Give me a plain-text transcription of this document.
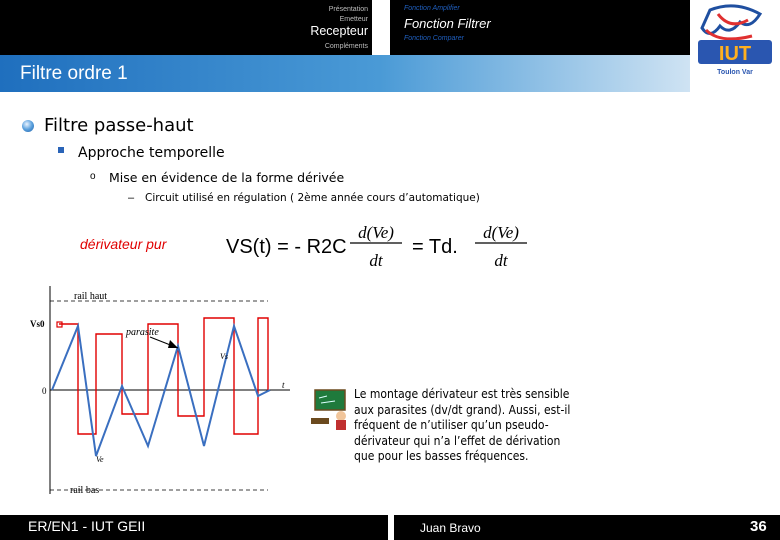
Présentation
Emetteur
Recepteur
Compléments
Fonction Amplifier
Fonction Filtrer
Fonction Comparer
IUT
Toulon Var
Filtre ordre 1
Filtre passe-haut
Approche temporelle
o Mise en évidence de la forme dérivée
– Circuit utilisé en régulation ( 2ème année cours d’automatique)
dérivateur pur	VS(t) = - R2C
d(Ve)
dt
= Td.
d(Ve)
dt
rail haut
rail bas
Vs0
0
t
parasite
Vs
Ve
Le montage dérivateur est très sensible aux parasites (dv/dt grand). Aussi, est-il fréquent de n’utiliser qu’un pseudo-dérivateur qui n’a l’effet de dérivation que pour les basses fréquences.
ER/EN1 - IUT GEII	Juan Bravo	36
